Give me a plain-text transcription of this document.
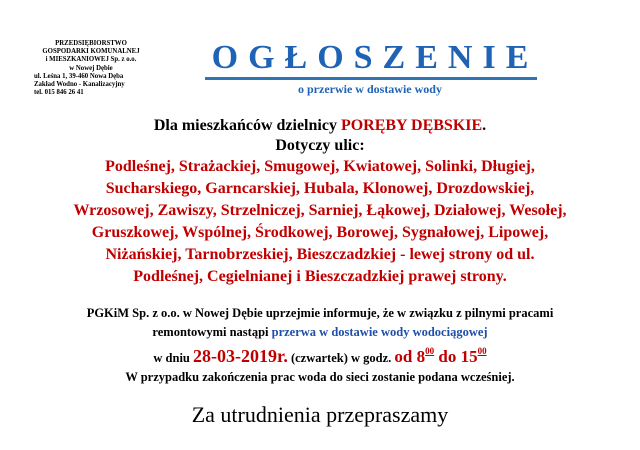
PRZEDSIĘBIORSTWO
GOSPODARKI KOMUNALNEJ
i MIESZKANIOWEJ Sp. z o.o.
w Nowej Dębie
ul. Leśna 1, 39-460 Nowa Dęba
Zakład Wodno - Kanalizacyjny
tel. 015 846 26 41
OGŁOSZENIE
o przerwie w dostawie wody
Dla mieszkańców dzielnicy PORĘBY DĘBSKIE.
Dotyczy ulic:
Podleśnej, Strażackiej, Smugowej, Kwiatowej, Solinki, Długiej,
Sucharskiego, Garncarskiej, Hubala, Klonowej, Drozdowskiej,
Wrzosowej, Zawiszy, Strzelniczej, Sarniej, Łąkowej, Działowej, Wesołej,
Gruszkowej, Wspólnej, Środkowej, Borowej, Sygnałowej, Lipowej,
Niżańskiej, Tarnobrzeskiej, Bieszczadzkiej - lewej strony od ul.
Podleśnej, Cegielnianej i Bieszczadzkiej prawej strony.
PGKiM Sp. z o.o. w Nowej Dębie uprzejmie informuje, że w związku z pilnymi pracami
remontowymi nastąpi przerwa w dostawie wody wodociągowej
w dniu 28-03-2019r. (czwartek) w godz. od $8^{00}$ do $15^{00}$
W przypadku zakończenia prac woda do sieci zostanie podana wcześniej.
Za utrudnienia przepraszamy
